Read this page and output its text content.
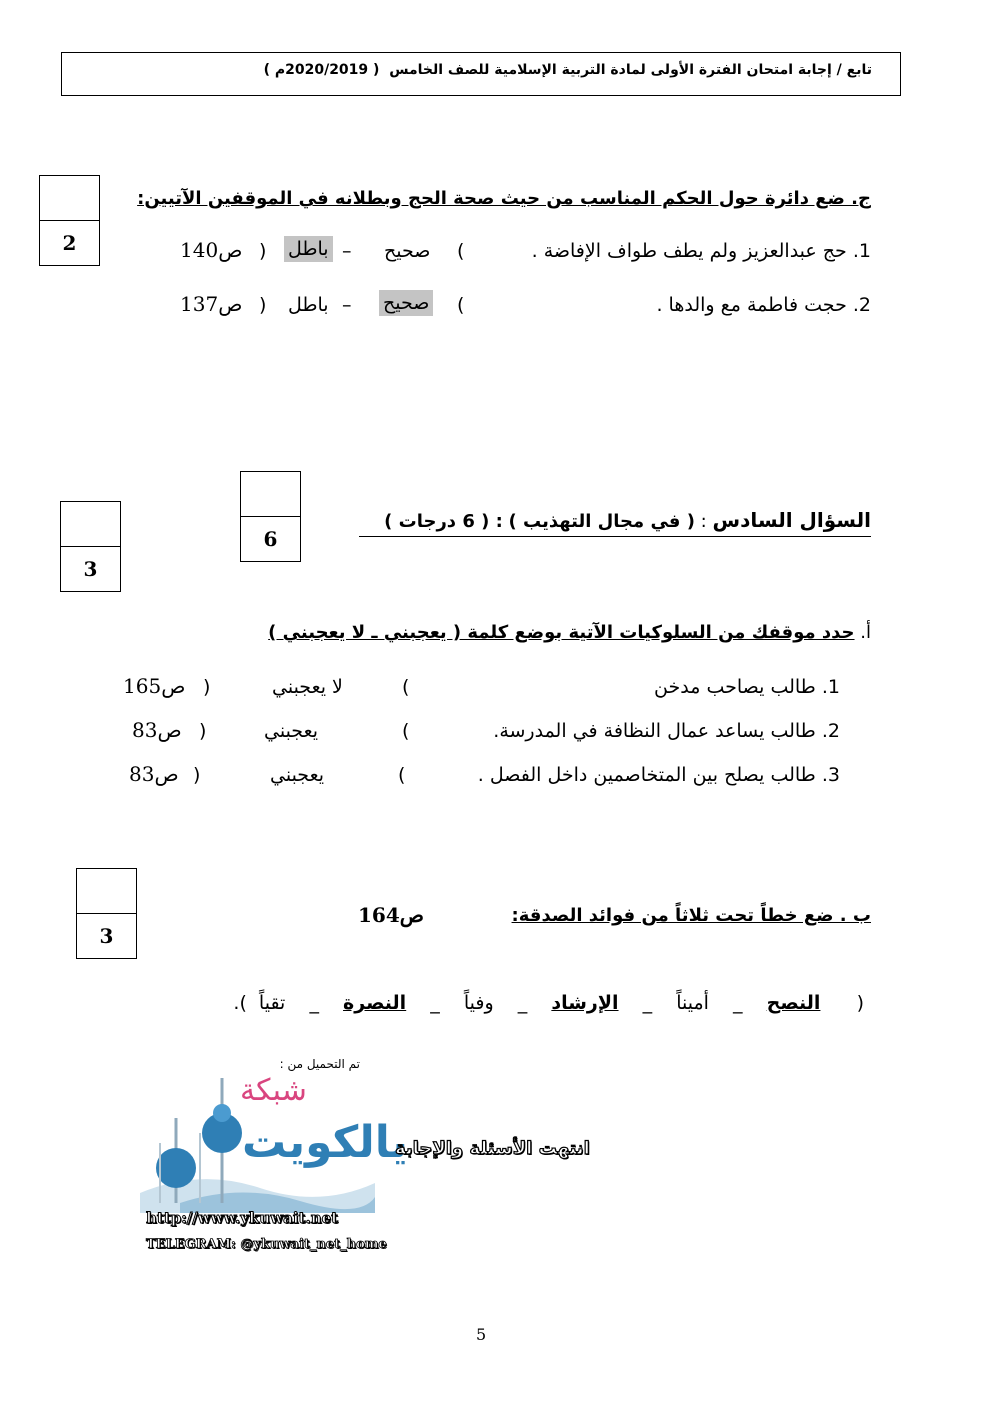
تابع / إجابة امتحان الفترة الأولى لمادة التربية الإسلامية للصف الخامس  ( 2020/2019م )
2
ج. ضع دائرة حول الحكم المناسب من حيث صحة الحج وبطلانه في الموقفين الآتيين:
1. حج عبدالعزيز ولم يطف طواف الإفاضة .
(
صحيح
–
باطل
)
ص140
2. حجت فاطمة مع والدها .
(
صحيح
–
باطل
)
ص137
3
6
السؤال السادس : ( في مجال التهذيب ) : ( 6 درجات )
أ. حدد موقفك من السلوكيات الآتية بوضع كلمة ( يعجبني ـ لا يعجبني )
1. طالب يصاحب مدخن
(
لا يعجبني
)
ص165
2. طالب يساعد عمال النظافة في المدرسة.
(
يعجبني
)
ص83
3. طالب يصلح بين المتخاصمين داخل الفصل .
(
يعجبني
)
ص83
3
ب . ضع خطاً تحت ثلاثاً من فوائد الصدقة:
ص164
(   النصح  _  أميناً  _  الإرشاد  _  وفياً  _  النصرة  _  تقياً ).
تم التحميل من :
شبكة
يالكويت
http://www.ykuwait.net
TELEGRAM: @ykuwait_net_home
انتهت الأسئلة والإجابة
5
